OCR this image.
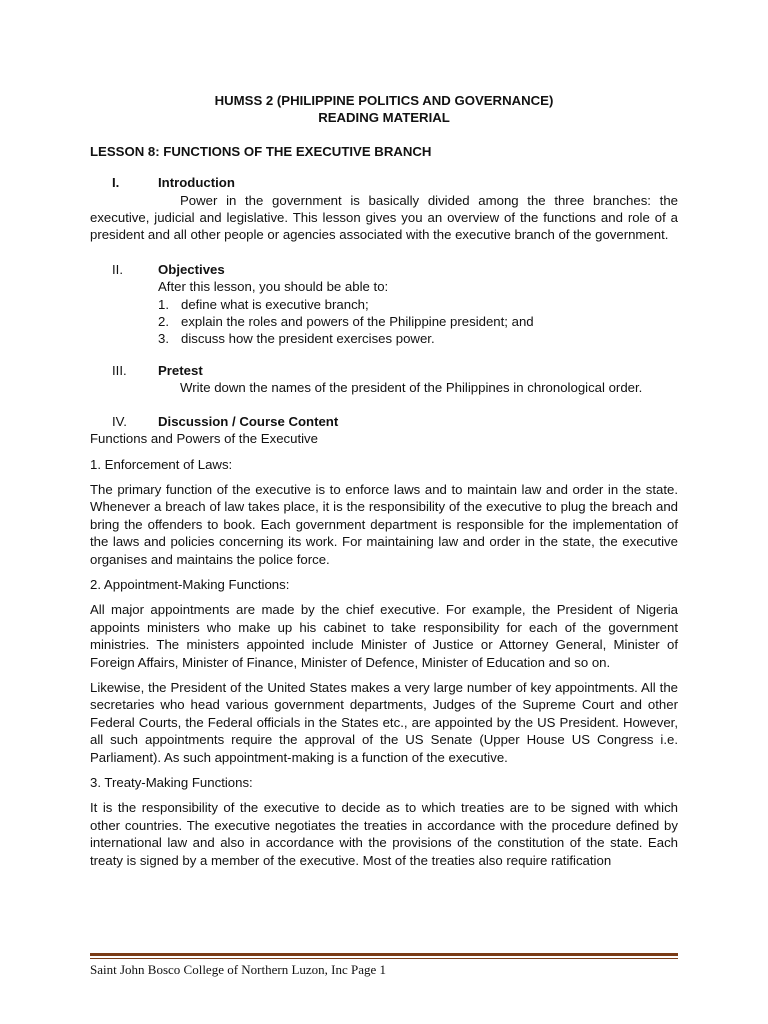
HUMSS 2 (PHILIPPINE POLITICS AND GOVERNANCE)
READING MATERIAL
LESSON 8: FUNCTIONS OF THE EXECUTIVE BRANCH
I.	Introduction
Power in the government is basically divided among the three branches: the executive, judicial and legislative. This lesson gives you an overview of the functions and role of a president and all other people or agencies associated with the executive branch of the government.
II.	Objectives
After this lesson, you should be able to:
1. define what is executive branch;
2. explain the roles and powers of the Philippine president; and
3. discuss how the president exercises power.
III.	Pretest
Write down the names of the president of the Philippines in chronological order.
IV.	Discussion / Course Content
Functions and Powers of the Executive
1. Enforcement of Laws:
The primary function of the executive is to enforce laws and to maintain law and order in the state. Whenever a breach of law takes place, it is the responsibility of the executive to plug the breach and bring the offenders to book. Each government department is responsible for the implementation of the laws and policies concerning its work. For maintaining law and order in the state, the executive organises and maintains the police force.
2. Appointment-Making Functions:
All major appointments are made by the chief executive. For example, the President of Nigeria appoints ministers who make up his cabinet to take responsibility for each of the government ministries. The ministers appointed include Minister of Justice or Attorney General, Minister of Foreign Affairs, Minister of Finance, Minister of Defence, Minister of Education and so on.
Likewise, the President of the United States makes a very large number of key appointments. All the secretaries who head various government departments, Judges of the Supreme Court and other Federal Courts, the Federal officials in the States etc., are appointed by the US President. However, all such appointments require the approval of the US Senate (Upper House US Congress i.e. Parliament). As such appointment-making is a function of the executive.
3. Treaty-Making Functions:
It is the responsibility of the executive to decide as to which treaties are to be signed with which other countries. The executive negotiates the treaties in accordance with the procedure defined by international law and also in accordance with the provisions of the constitution of the state. Each treaty is signed by a member of the executive. Most of the treaties also require ratification
Saint John Bosco College of Northern Luzon, Inc Page 1
